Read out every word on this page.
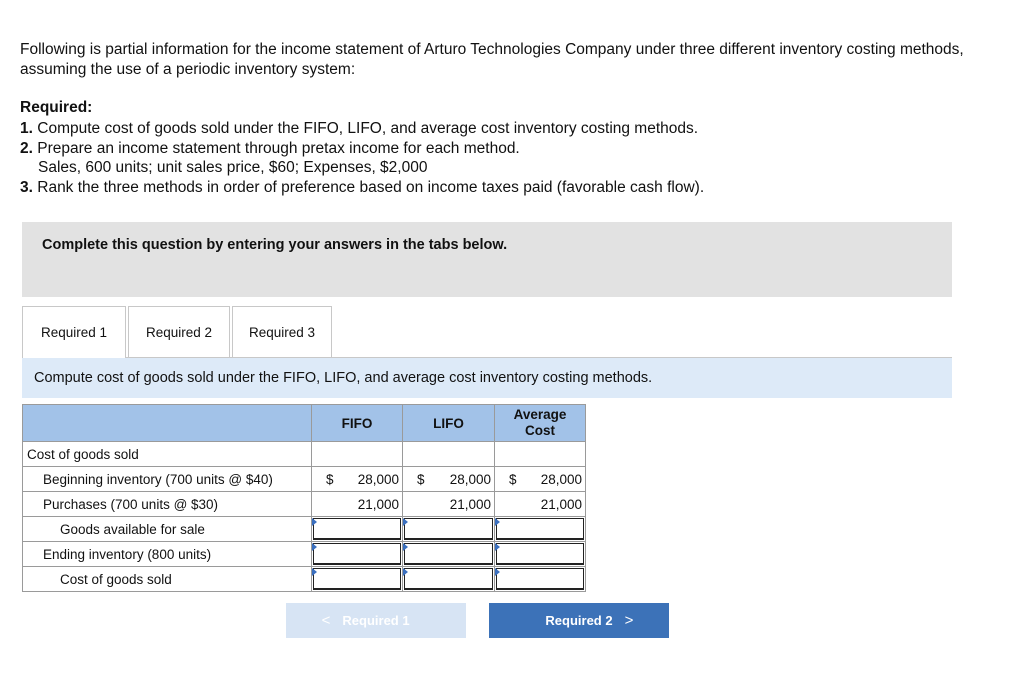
Following is partial information for the income statement of Arturo Technologies Company under three different inventory costing methods, assuming the use of a periodic inventory system:
Required:
1. Compute cost of goods sold under the FIFO, LIFO, and average cost inventory costing methods.
2. Prepare an income statement through pretax income for each method.
Sales, 600 units; unit sales price, $60; Expenses, $2,000
3. Rank the three methods in order of preference based on income taxes paid (favorable cash flow).
Complete this question by entering your answers in the tabs below.
Required 1	Required 2	Required 3
Compute cost of goods sold under the FIFO, LIFO, and average cost inventory costing methods.
	FIFO	LIFO	Average
Cost
Cost of goods sold			
Beginning inventory (700 units @ $40)	$ 28,000	$ 28,000	$ 28,000

Purchases (700 units @ $30)	21,000	21,000	21,000

Goods available for sale	

Ending inventory (800 units)	

Cost of goods sold	

< Required 1	Required 2 >
